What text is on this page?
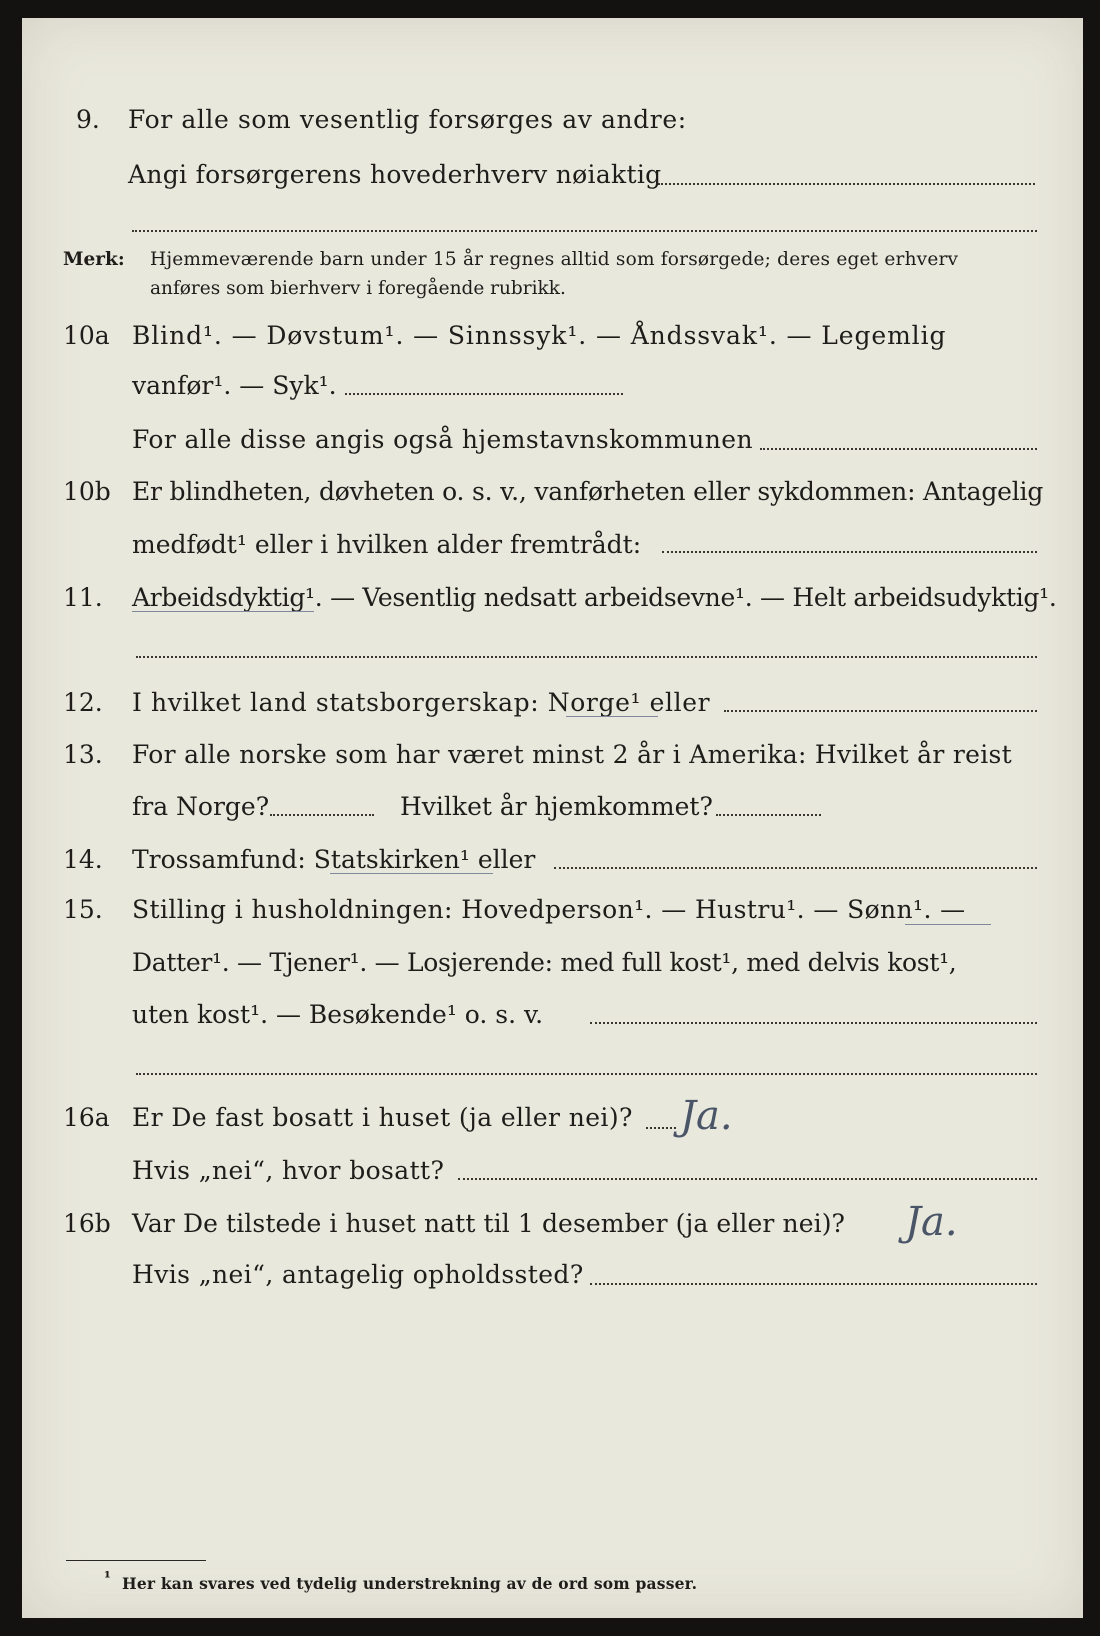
9. For alle som vesentlig forsørges av andre:
Angi forsørgerens hovederhverv nøiaktig
Merk: Hjemmeværende barn under 15 år regnes alltid som forsørgede; deres eget erhverv
anføres som bierhverv i foregående rubrikk.
10a Blind¹. — Døvstum¹. — Sinnssyk¹. — Åndssvak¹. — Legemlig
vanfør¹. — Syk¹.
For alle disse angis også hjemstavnskommunen
10b Er blindheten, døvheten o. s. v., vanførheten eller sykdommen: Antagelig
medfødt¹ eller i hvilken alder fremtrådt:
11. Arbeidsdyktig¹. — Vesentlig nedsatt arbeidsevne¹. — Helt arbeidsudyktig¹.
12. I hvilket land statsborgerskap: Norge¹ eller
13. For alle norske som har været minst 2 år i Amerika: Hvilket år reist
fra Norge?	Hvilket år hjemkommet?
14. Trossamfund: Statskirken¹ eller
15. Stilling i husholdningen: Hovedperson¹. — Hustru¹. — Sønn¹. —
Datter¹. — Tjener¹. — Losjerende: med full kost¹, med delvis kost¹,
uten kost¹. — Besøkende¹ o. s. v.
16a Er De fast bosatt i huset (ja eller nei)? Ja.
Hvis „nei“, hvor bosatt?
16b Var De tilstede i huset natt til 1 desember (ja eller nei)? Ja.
Hvis „nei“, antagelig opholdssted?
¹ Her kan svares ved tydelig understrekning av de ord som passer.
